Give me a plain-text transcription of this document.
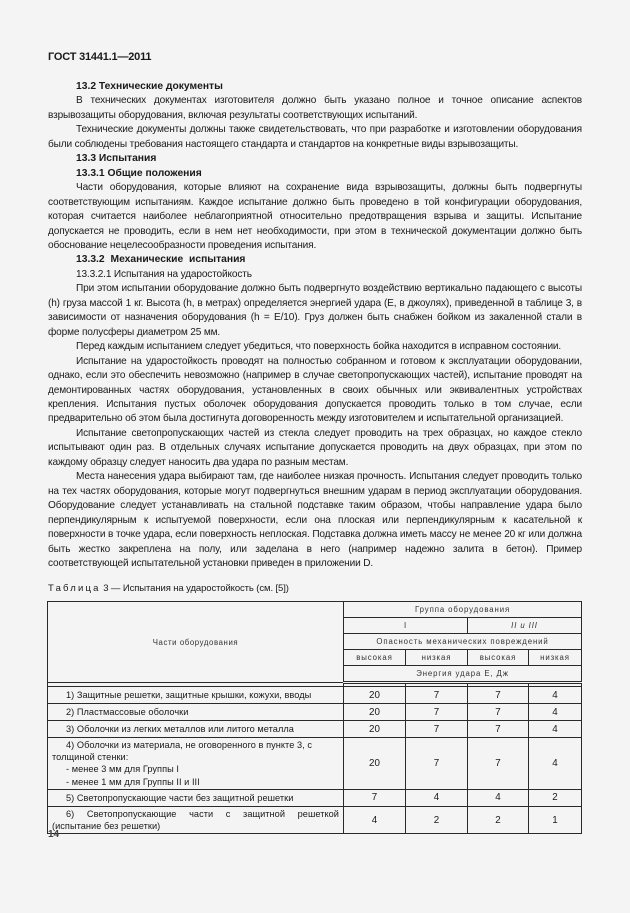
ГОСТ 31441.1—2011
13.2 Технические документы

В технических документах изготовителя должно быть указано полное и точное описание аспектов взрывозащиты оборудования, включая результаты соответствующих испытаний.

Технические документы должны также свидетельствовать, что при разработке и изготовлении оборудования были соблюдены требования настоящего стандарта и стандартов на конкретные виды взрывозащиты.

13.3 Испытания
13.3.1 Общие положения

Части оборудования, которые влияют на сохранение вида взрывозащиты, должны быть подвергнуты соответствующим испытаниям. Каждое испытание должно быть проведено в той конфигурации оборудования, которая считается наиболее неблагоприятной относительно предотвращения взрыва и защиты. Испытание допускается не проводить, если в нем нет необходимости, при этом в технической документации должно быть обоснование нецелесообразности проведения испытания.

13.3.2 Механические испытания
13.3.2.1 Испытания на ударостойкость

При этом испытании оборудование должно быть подвергнуто воздействию вертикально падающего с высоты (h) груза массой 1 кг. Высота (h, в метрах) определяется энергией удара (E, в джоулях), приведенной в таблице 3, в зависимости от назначения оборудования (h = E/10). Груз должен быть снабжен бойком из закаленной стали в форме полусферы диаметром 25 мм.

Перед каждым испытанием следует убедиться, что поверхность бойка находится в исправном состоянии.

Испытание на ударостойкость проводят на полностью собранном и готовом к эксплуатации оборудовании, однако, если это обеспечить невозможно (например в случае светопропускающих частей), испытание проводят на демонтированных частях оборудования, установленных в своих обычных или эквивалентных устройствах крепления. Испытания пустых оболочек оборудования допускается проводить только в том случае, если предварительно об этом была достигнута договоренность между изготовителем и испытательной организацией.

Испытание светопропускающих частей из стекла следует проводить на трех образцах, но каждое стекло испытывают один раз. В отдельных случаях испытание допускается проводить на двух образцах, при этом по каждому образцу следует наносить два удара по разным местам.

Места нанесения удара выбирают там, где наиболее низкая прочность. Испытания следует проводить только на тех частях оборудования, которые могут подвергнуться внешним ударам в период эксплуатации оборудования. Оборудование следует устанавливать на стальной подставке таким образом, чтобы направление удара было перпендикулярным к испытуемой поверхности, если она плоская или перпендикулярным к касательной к поверхности в точке удара, если поверхность неплоская. Подставка должна иметь массу не менее 20 кг или должна быть жестко закреплена на полу, или заделана в него (например надежно залита в бетон). Пример соответствующей испытательной установки приведен в приложении D.

Таблица 3 — Испытания на ударостойкость (см. [5])
Части оборудования	Группа оборудования			
	I		II и III	
	Опасность механических повреждений			
	высокая	низкая	высокая	низкая
	Энергия удара E, Дж			

1) Защитные решетки, защитные крышки, кожухи, вводы	20	7	7	4
2) Пластмассовые оболочки	20	7	7	4
3) Оболочки из легких металлов или литого металла	20	7	7	4

4) Оболочки из материала, не оговоренного в пункте 3, с толщиной стенки:
- менее 3 мм для Группы I
- менее 1 мм для Группы II и III	20	7	7	4
5) Светопропускающие части без защитной решетки	7	4	4	2
6) Светопропускающие части с защитной решеткой (испытание без решетки)	4	2	2	1
14
